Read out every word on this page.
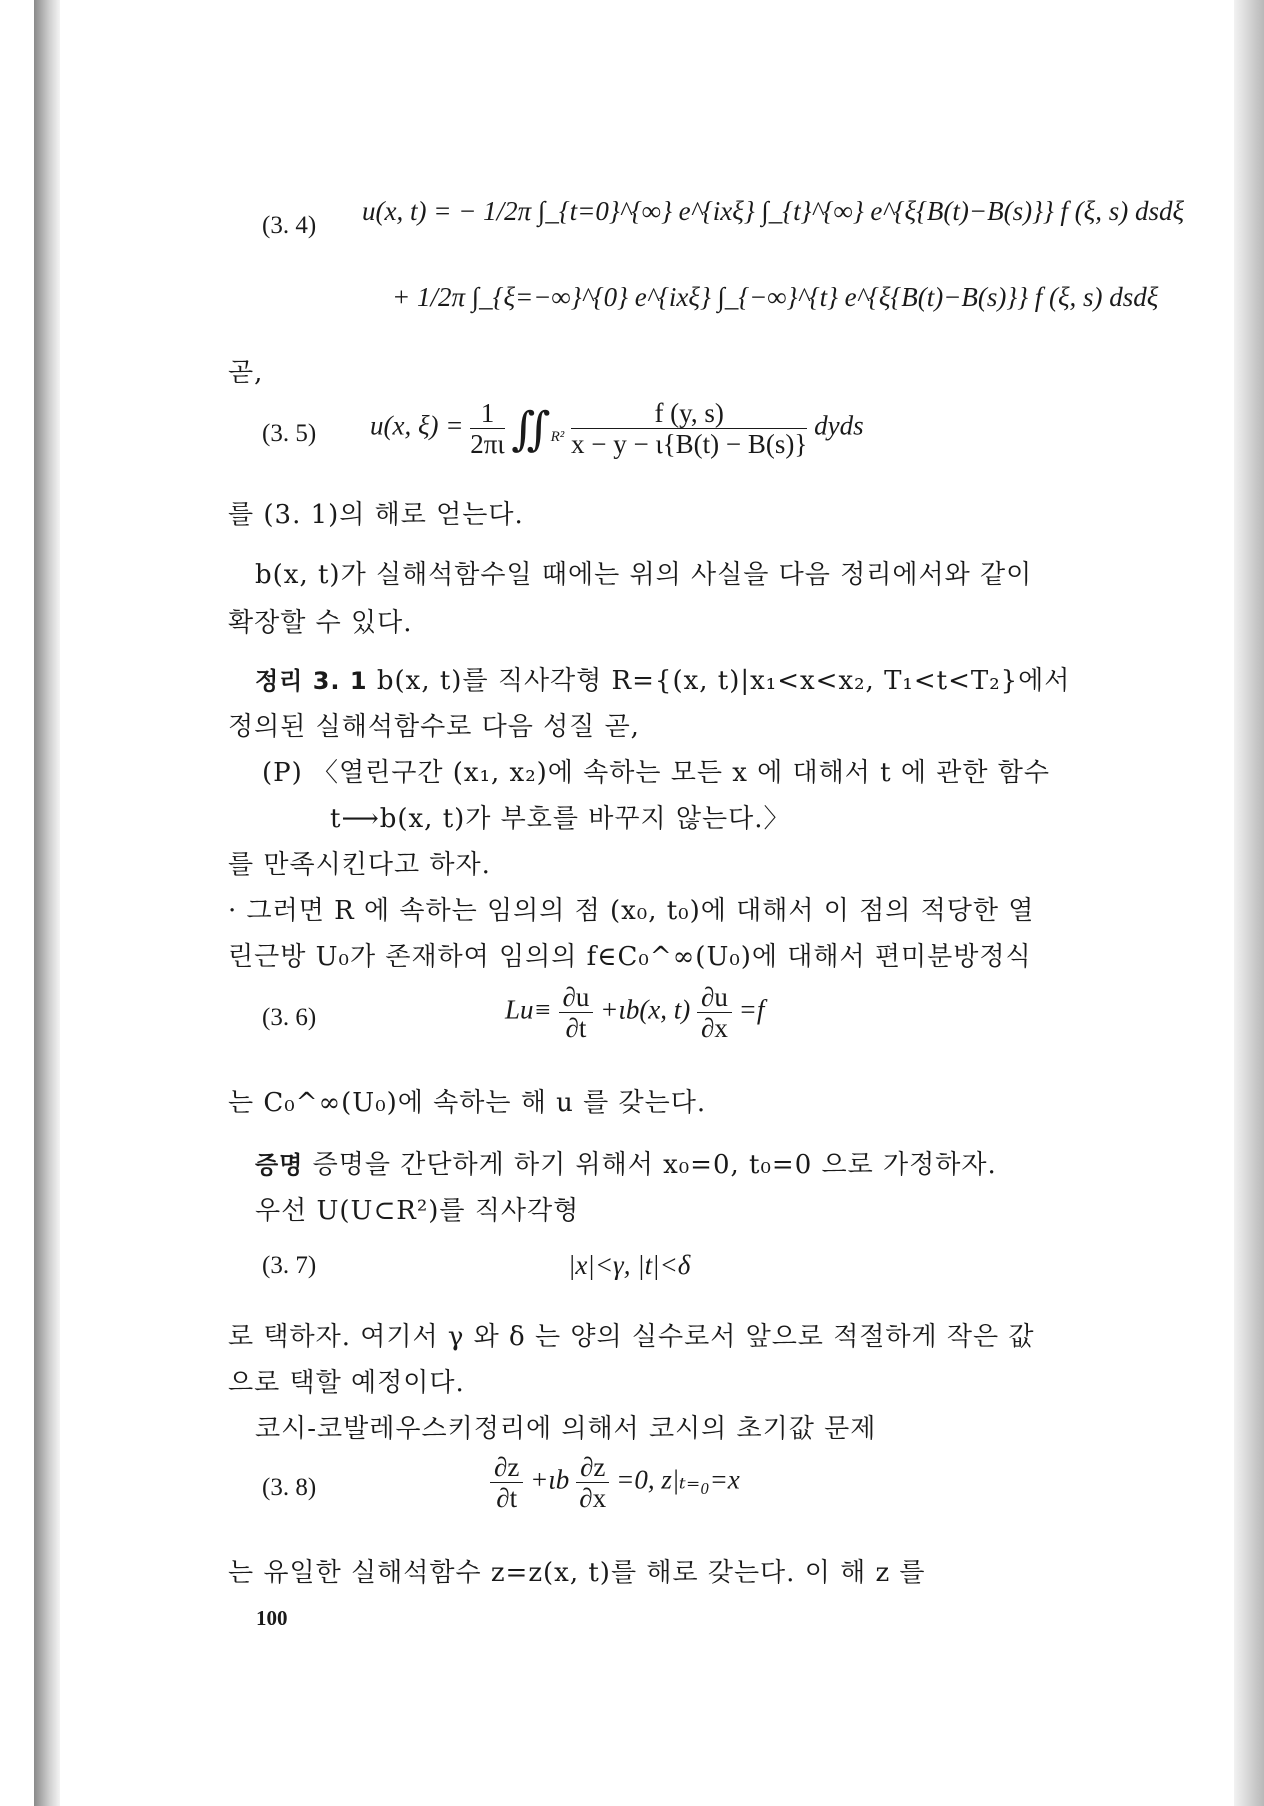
(3. 4) u(x, t) = − 1/2π ∫_{t=0}^{∞} e^{ixξ} ∫_{t}^{∞} e^{ξ{B(t)−B(s)}} f (ξ, s) dsdξ
+ 1/2π ∫_{ξ=−∞}^{0} e^{ixξ} ∫_{−∞}^{t} e^{ξ{B(t)−B(s)}} f (ξ, s) dsdξ
곧,
(3. 5) u(x, $\xi) = \frac{1}{2\pi\iota}$ $∬_{R^2} \frac{f (y, s)}{x - y - \iota\{B(t) - B(s)\}}$ dyds
를 (3. 1)의 해로 얻는다.
b(x, t)가 실해석함수일 때에는 위의 사실을 다음 정리에서와 같이
확장할 수 있다.
정리 3. 1 b(x, t)를 직사각형 R={(x, t)|x₁<x<x₂, T₁<t<T₂}에서
정의된 실해석함수로 다음 성질 곧,
(P) 〈열린구간 (x₁, x₂)에 속하는 모든 x 에 대해서 t 에 관한 함수
t⟶b(x, t)가 부호를 바꾸지 않는다.〉
를 만족시킨다고 하자.
· 그러면 R 에 속하는 임의의 점 (x₀, t₀)에 대해서 이 점의 적당한 열
린근방 U₀가 존재하여 임의의 f∈C₀^∞(U₀)에 대해서 편미분방정식
(3. 6)	$Lu\equiv \frac{\partial u}{\partial t} +\iota b(x$, $t) \frac{\partial u}{\partial x} =f$
는 C₀^∞(U₀)에 속하는 해 u 를 갖는다.
증명 증명을 간단하게 하기 위해서 x₀=0, t₀=0 으로 가정하자.
우선 U(U⊂R²)를 직사각형
(3. 7)	|x|<γ, |t|<δ
로 택하자. 여기서 γ 와 δ 는 양의 실수로서 앞으로 적절하게 작은 값
으로 택할 예정이다.
코시-코발레우스키정리에 의해서 코시의 초기값 문제
(3. 8)	$\frac{\partial z}{\partial t} +\iota b \frac{\partial z}{\partial x} =0$, z|ₜ₌₀=x
는 유일한 실해석함수 z=z(x, t)를 해로 갖는다. 이 해 z 를
100
